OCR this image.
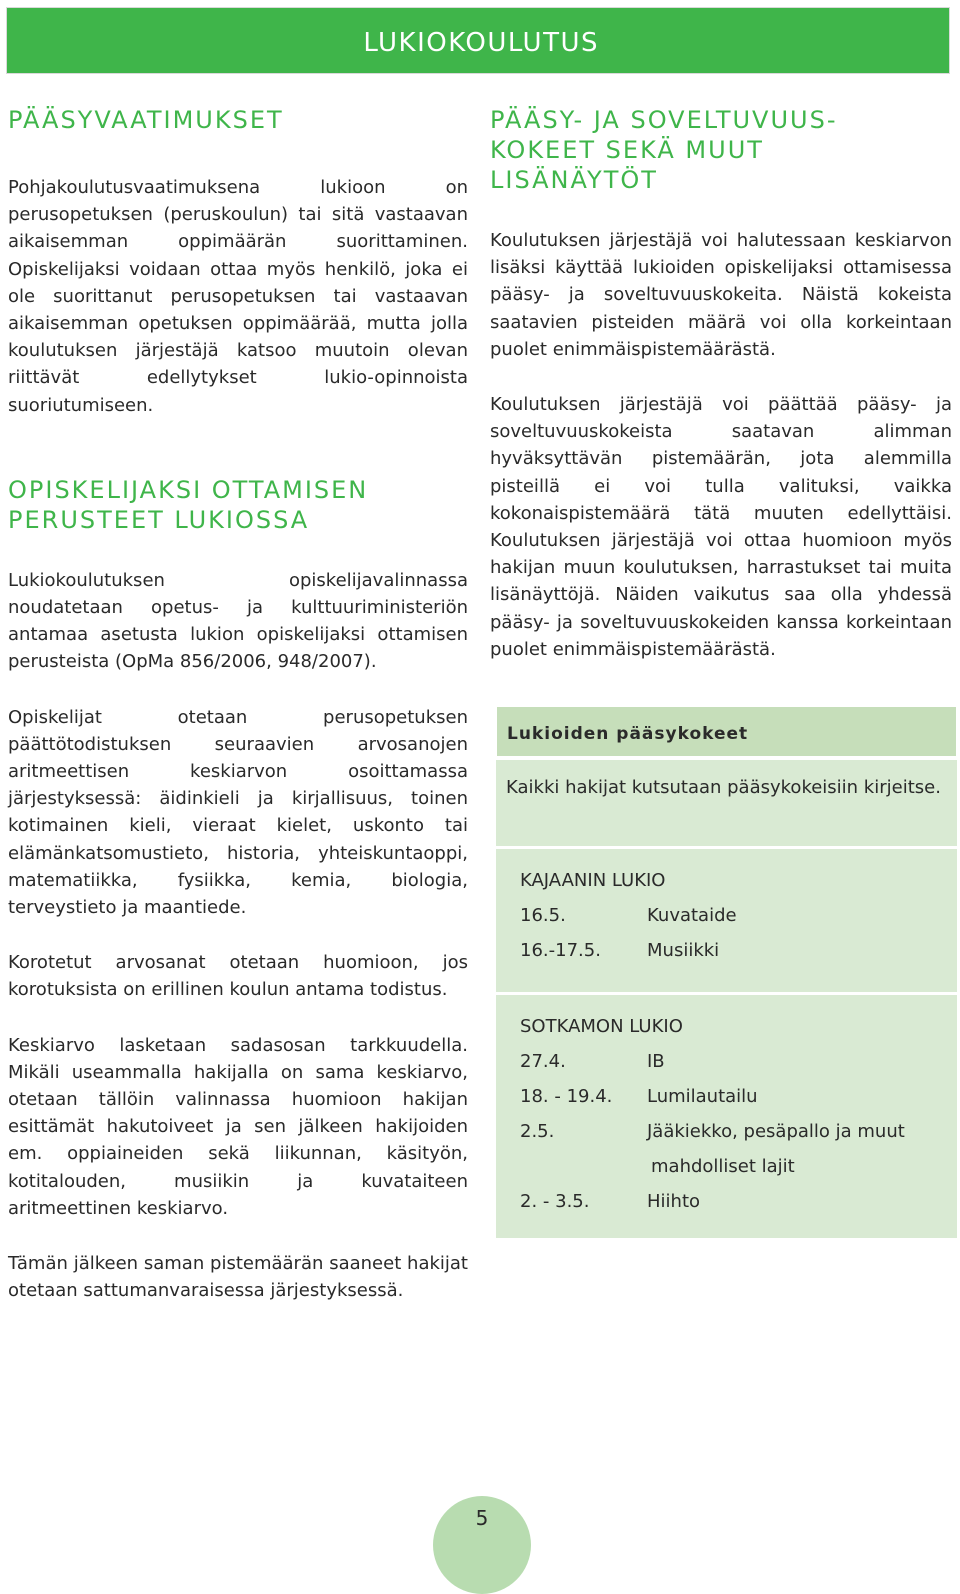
LUKIOKOULUTUS
PÄÄSYVAATIMUKSET

Pohjakoulutusvaatimuksena lukioon on perusopetuksen (peruskoulun) tai sitä vastaavan aikaisemman oppimäärän suorittaminen. Opiskelijaksi voidaan ottaa myös henkilö, joka ei ole suorittanut perusopetuksen tai vastaavan aikaisemman opetuksen oppimäärää, mutta jolla koulutuksen järjestäjä katsoo muutoin olevan riittävät edellytykset lukio-opinnoista suoriutumiseen.

OPISKELIJAKSI OTTAMISEN
PERUSTEET LUKIOSSA

Lukiokoulutuksen opiskelijavalinnassa noudatetaan opetus- ja kulttuuriministeriön antamaa asetusta lukion opiskelijaksi ottamisen perusteista (OpMa 856/2006, 948/2007).

Opiskelijat otetaan perusopetuksen päättötodistuksen seuraavien arvosanojen aritmeettisen keskiarvon osoittamassa järjestyksessä: äidinkieli ja kirjallisuus, toinen kotimainen kieli, vieraat kielet, uskonto tai elämänkatsomustieto, historia, yhteiskuntaoppi, matematiikka, fysiikka, kemia, biologia, terveystieto ja maantiede.

Korotetut arvosanat otetaan huomioon, jos korotuksista on erillinen koulun antama todistus.

Keskiarvo lasketaan sadasosan tarkkuudella. Mikäli useammalla hakijalla on sama keskiarvo, otetaan tällöin valinnassa huomioon hakijan esittämät hakutoiveet ja sen jälkeen hakijoiden em. oppiaineiden sekä liikunnan, käsityön, kotitalouden, musiikin ja kuvataiteen aritmeettinen keskiarvo.

Tämän jälkeen saman pistemäärän saaneet hakijat otetaan sattumanvaraisessa järjestyksessä.

PÄÄSY- JA SOVELTUVUUS-
KOKEET SEKÄ MUUT
LISÄNÄYTÖT

Koulutuksen järjestäjä voi halutessaan keskiarvon lisäksi käyttää lukioiden opiskelijaksi ottamisessa pääsy- ja soveltuvuuskokeita. Näistä kokeista saatavien pisteiden määrä voi olla korkeintaan puolet enimmäispistemäärästä.

Koulutuksen järjestäjä voi päättää pääsy- ja soveltuvuuskokeista saatavan alimman hyväksyttävän pistemäärän, jota alemmilla pisteillä ei voi tulla valituksi, vaikka kokonaispistemäärä tätä muuten edellyttäisi. Koulutuksen järjestäjä voi ottaa huomioon myös hakijan muun koulutuksen, harrastukset tai muita lisänäyttöjä. Näiden vaikutus saa olla yhdessä pääsy- ja soveltuvuuskokeiden kanssa korkeintaan puolet enimmäispistemäärästä.

Lukioiden pääsykokeet

Kaikki hakijat kutsutaan pääsykokeisiin kirjeitse.

KAJAANIN LUKIO
16.5.	Kuvataide
16.-17.5.	Musiikki
SOTKAMON LUKIO
27.4.	IB
18. - 19.4.	Lumilautailu
2.5.	Jääkiekko, pesäpallo ja muut
mahdolliset lajit
2. - 3.5.	Hiihto
5
